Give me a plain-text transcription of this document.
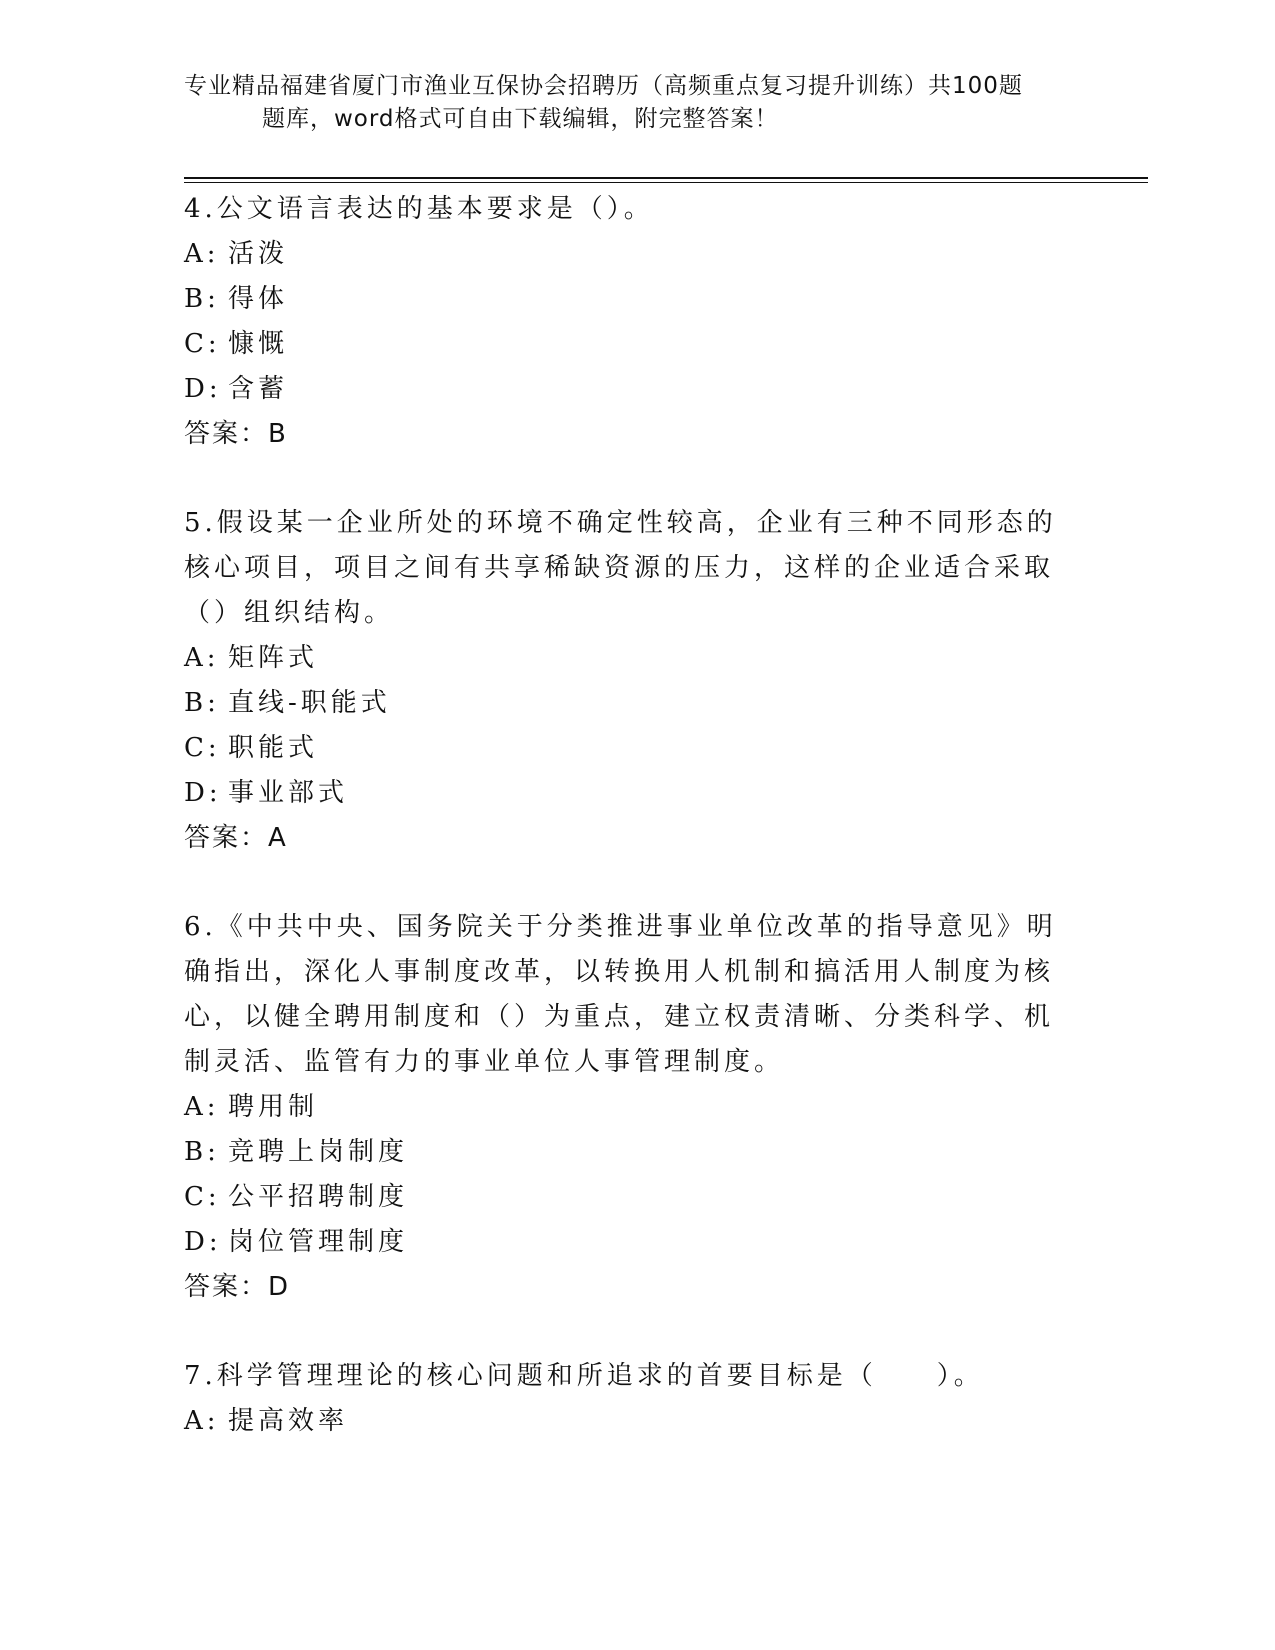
专业精品福建省厦门市渔业互保协会招聘历（高频重点复习提升训练）共100题
题库，word格式可自由下载编辑，附完整答案！
4.公文语言表达的基本要求是（）。
A: 活泼
B: 得体
C: 慷慨
D: 含蓄
答案：B
5.假设某一企业所处的环境不确定性较高，企业有三种不同形态的核心项目，项目之间有共享稀缺资源的压力，这样的企业适合采取（）组织结构。
A: 矩阵式
B: 直线-职能式
C: 职能式
D: 事业部式
答案：A
6.《中共中央、国务院关于分类推进事业单位改革的指导意见》明确指出，深化人事制度改革，以转换用人机制和搞活用人制度为核心，以健全聘用制度和（）为重点，建立权责清晰、分类科学、机制灵活、监管有力的事业单位人事管理制度。
A: 聘用制
B: 竞聘上岗制度
C: 公平招聘制度
D: 岗位管理制度
答案：D
7.科学管理理论的核心问题和所追求的首要目标是（　　）。
A: 提高效率
